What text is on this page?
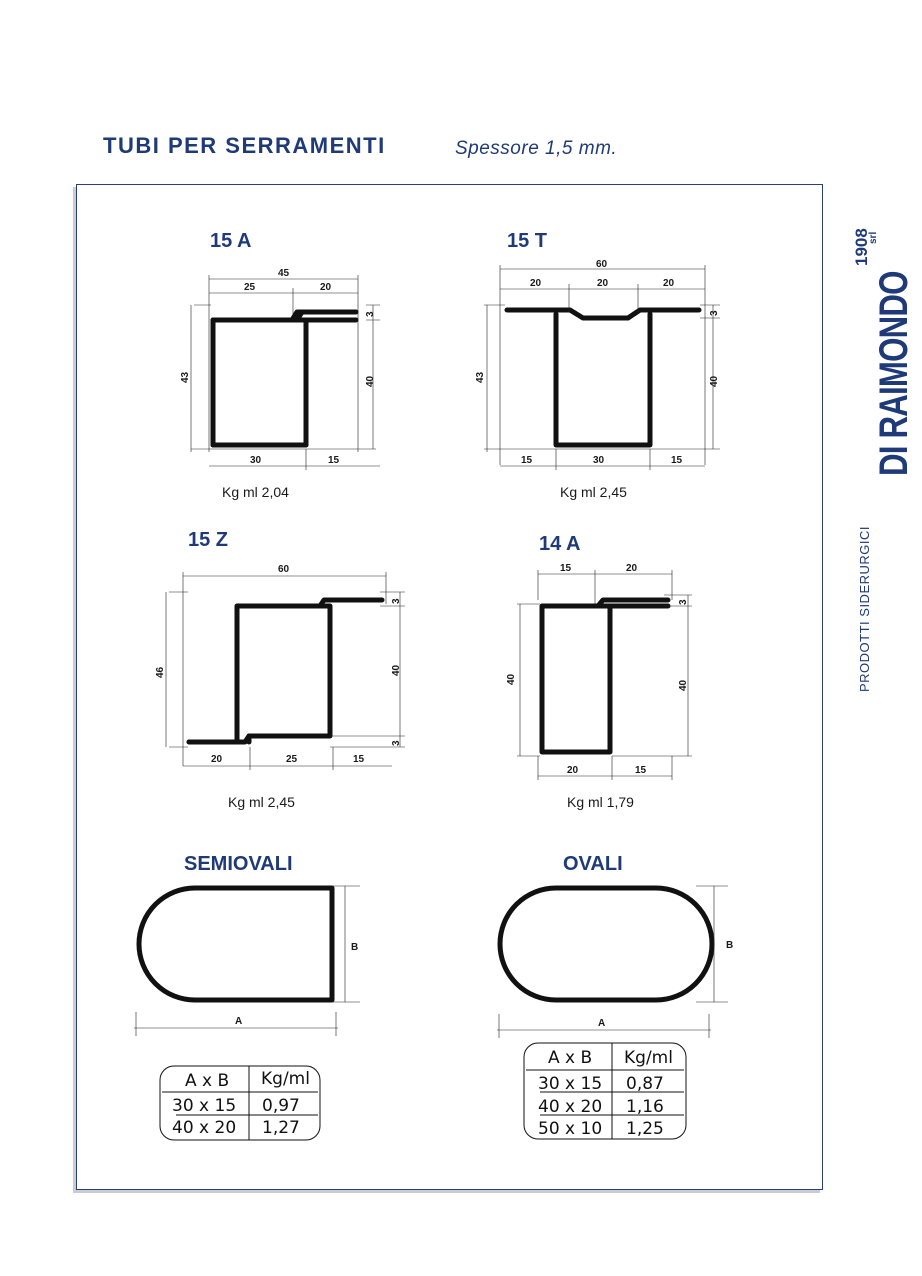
TUBI PER SERRAMENTI	Spessore 1,5 mm.
DI RAIMONDO
1908
srl
PRODOTTI SIDERURGICI
15 A
45
25	20
43	40
3
30	15
Kg ml 2,04
15 T
60
20	20	20
43	40
3
15	30	15
Kg ml 2,45
15 Z
60
46	40
3
3
20	25	15
Kg ml 2,45
14 A
15	20
40
40
3
20	15
Kg ml 1,79
SEMIOVALI
B
A
A x B Kg/ml
30 x 15 0,97
40 x 20 1,27
OVALI
B
A
A x B Kg/ml
30 x 15 0,87
40 x 20 1,16
50 x 10 1,25
